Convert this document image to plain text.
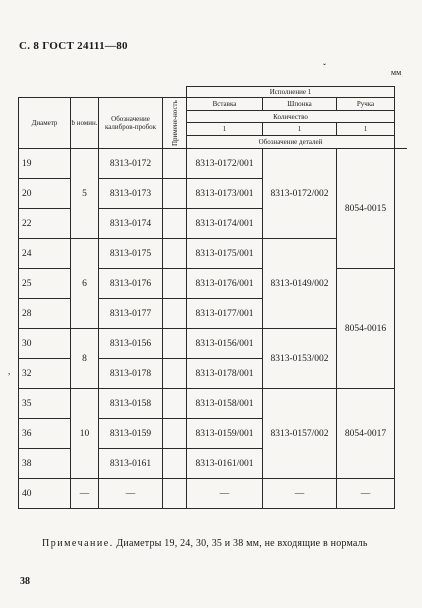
С. 8 ГОСТ 24111—80
мм
ˇ
,
				Исполнение 1			
Диаметр	b номин.	Обозначение калибров-пробок	Примене-ность	Вставка	Шпонка	Ручка	
				Количество			
				1	1	1	
				Обозначение деталей			
19	5	8313-0172		8313-0172/001	8313-0172/002	8054-0015	
20		8313-0173		8313-0173/001			
22		8313-0174		8313-0174/001			
24	6	8313-0175		8313-0175/001	8313-0149/002		
25		8313-0176		8313-0176/001		8054-0016	
28		8313-0177		8313-0177/001			
30	8	8313-0156		8313-0156/001	8313-0153/002		
32		8313-0178		8313-0178/001			
35	10	8313-0158		8313-0158/001	8313-0157/002	8054-0017	
36		8313-0159		8313-0159/001			
38		8313-0161		8313-0161/001			
40	—	—		—	—	—	
Примечание. Диаметры 19, 24, 30, 35 и 38 мм, не входящие в нормаль
38
